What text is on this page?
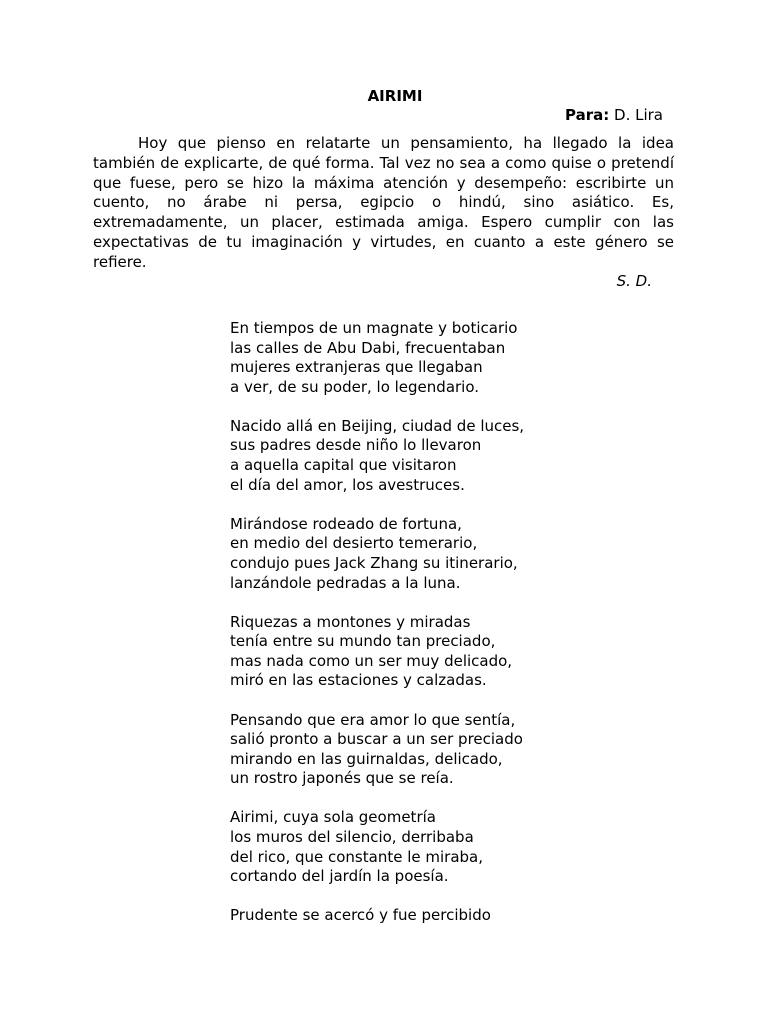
AIRIMI
Para: D. Lira

Hoy que pienso en relatarte un pensamiento, ha llegado la idea también de explicarte, de qué forma. Tal vez no sea a como quise o pretendí que fuese, pero se hizo la máxima atención y desempeño: escribirte un cuento, no árabe ni persa, egipcio o hindú, sino asiático. Es, extremadamente, un placer, estimada amiga. Espero cumplir con las expectativas de tu imaginación y virtudes, en cuanto a este género se refiere.

S. D.
En tiempos de un magnate y boticario
las calles de Abu Dabi, frecuentaban
mujeres extranjeras que llegaban
a ver, de su poder, lo legendario.
Nacido allá en Beijing, ciudad de luces,
sus padres desde niño lo llevaron
a aquella capital que visitaron
el día del amor, los avestruces.
Mirándose rodeado de fortuna,
en medio del desierto temerario,
condujo pues Jack Zhang su itinerario,
lanzándole pedradas a la luna.
Riquezas a montones y miradas
tenía entre su mundo tan preciado,
mas nada como un ser muy delicado,
miró en las estaciones y calzadas.
Pensando que era amor lo que sentía,
salió pronto a buscar a un ser preciado
mirando en las guirnaldas, delicado,
un rostro japonés que se reía.
Airimi, cuya sola geometría
los muros del silencio, derribaba
del rico, que constante le miraba,
cortando del jardín la poesía.
Prudente se acercó y fue percibido
